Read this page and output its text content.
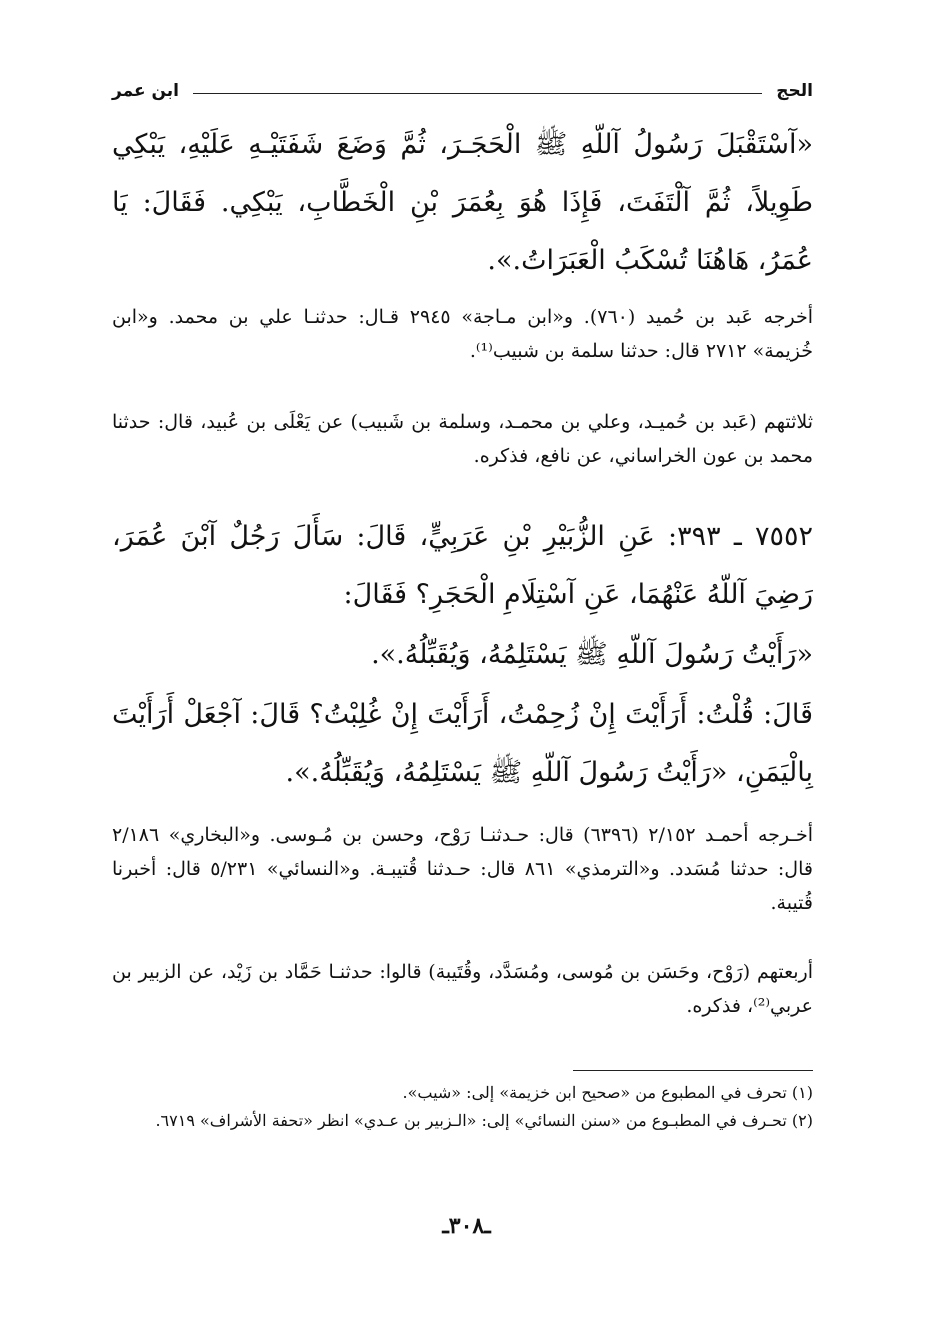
الحج
ابن عمر

«آسْتَقْبَلَ رَسُولُ آللّهِ ﷺ الْحَجَـرَ، ثُمَّ وَضَعَ شَفَتَيْـهِ عَلَيْهِ، يَبْكِي طَوِيلاً، ثُمَّ آلْتَفَتَ، فَإِذَا هُوَ بِعُمَرَ بْنِ الْخَطَّابِ، يَبْكِي. فَقَالَ: يَا عُمَرُ، هَاهُنَا تُسْكَبُ الْعَبَرَاتُ.».

أخرجه عَبد بن حُميد (٧٦٠). و«ابن مـاجة» ٢٩٤٥ قـال: حدثنـا علي بن محمد. و«ابن خُزيمة» ٢٧١٢ قال: حدثنا سلمة بن شبيب⁽¹⁾.

ثلاثتهم (عَبد بن حُميـد، وعلي بن محمـد، وسلمة بن شَبيب) عن يَعْلَى بن عُبيد، قال: حدثنا محمد بن عون الخراساني، عن نافع، فذكره.

٧٥٥٢ ـ ٣٩٣: عَنِ الزُّبَيْرِ بْنِ عَرَبِيٍّ، قَالَ: سَأَلَ رَجُلٌ آبْنَ عُمَرَ، رَضِيَ آللّهُ عَنْهُمَا، عَنِ آسْتِلَامِ الْحَجَرِ؟ فَقَالَ:

«رَأَيْتُ رَسُولَ آللّهِ ﷺ يَسْتَلِمُهُ، وَيُقَبِّلُهُ.».

قَالَ: قُلْتُ: أَرَأَيْتَ إِنْ زُحِمْتُ، أَرَأَيْتَ إِنْ غُلِبْتُ؟ قَالَ: آجْعَلْ أَرَأَيْتَ بِالْيَمَنِ، «رَأَيْتُ رَسُولَ آللّهِ ﷺ يَسْتَلِمُهُ، وَيُقَبِّلُهُ.».

أخـرجه أحمـد ٢/١٥٢ (٦٣٩٦) قال: حـدثنـا رَوْح، وحسن بن مُـوسى. و«البخاري» ٢/١٨٦ قال: حدثنا مُسَدد. و«الترمذي» ٨٦١ قال: حـدثنا قُتيبـة. و«النسائي» ٥/٢٣١ قال: أخبرنا قُتيبة.

أربعتهم (رَوْح، وحَسَن بن مُوسى، ومُسَدَّد، وقُتَيبة) قالوا: حدثنـا حَمَّاد بن زَيْد، عن الزبير بن عربي⁽²⁾، فذكره.

(١) تحرف في المطبوع من «صحيح ابن خزيمة» إلى: «شيب».

(٢) تحـرف في المطبـوع من «سنن النسائي» إلى: «الـزبير بن عـدي» انظر «تحفة الأشراف» ٦٧١٩.

ـ٣٠٨ـ
